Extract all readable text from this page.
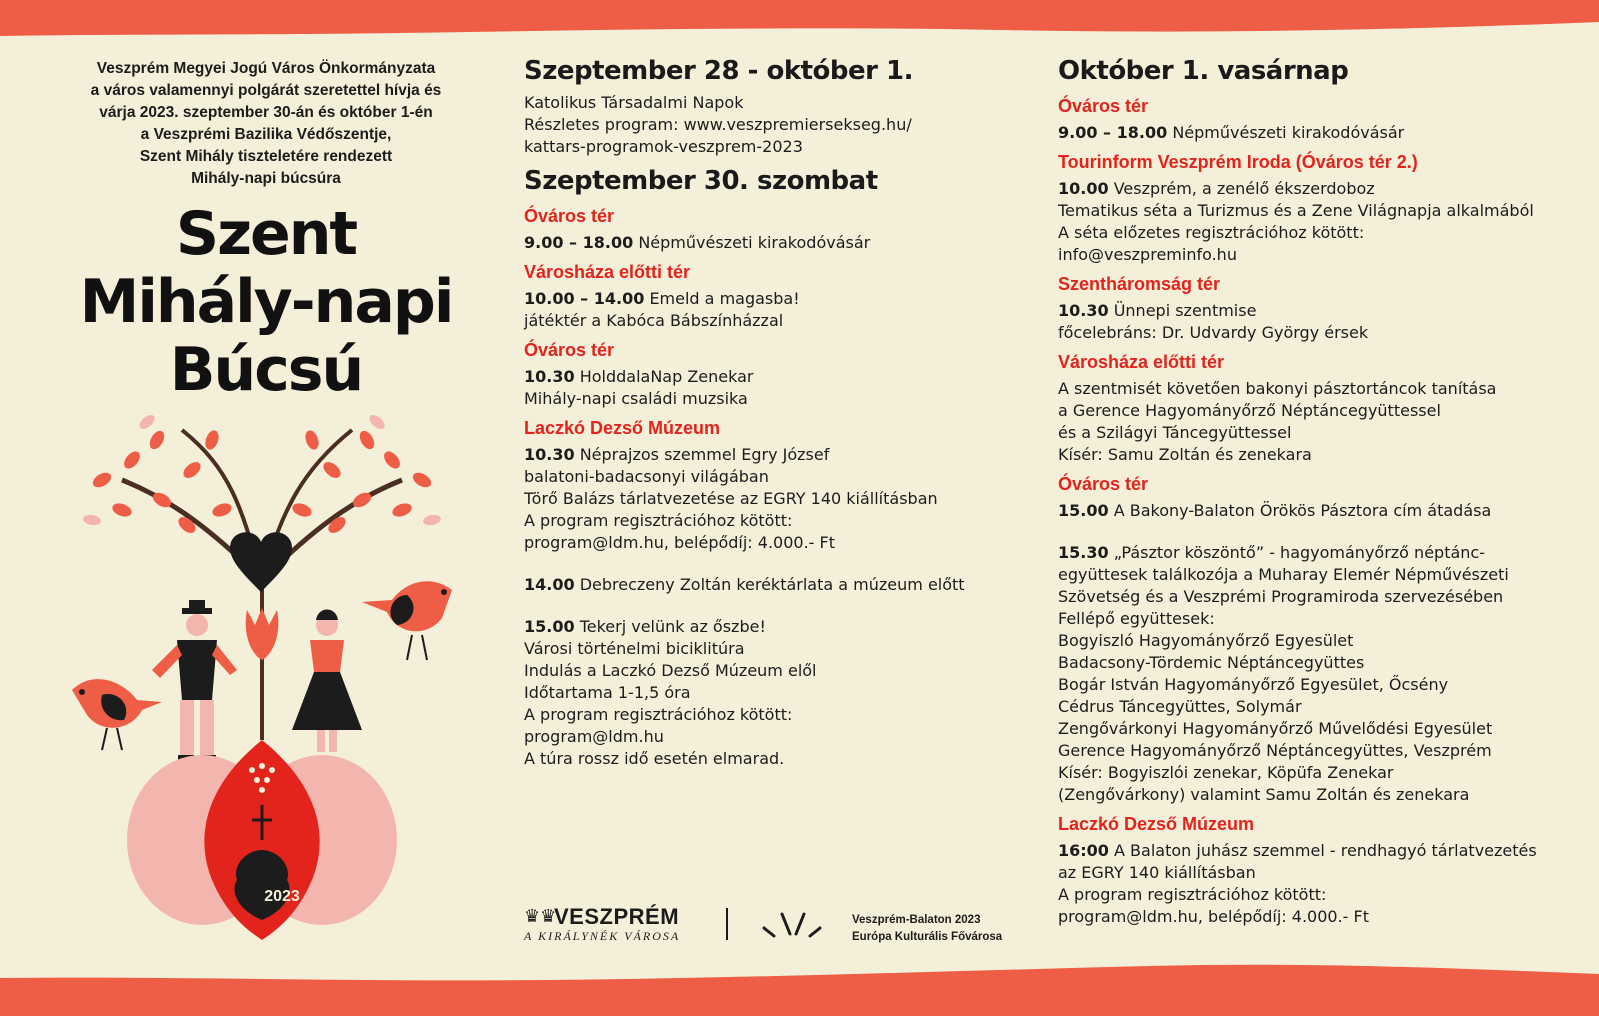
Veszprém Megyei Jogú Város Önkormányzata
a város valamennyi polgárát szeretettel hívja és
várja 2023. szeptember 30-án és október 1-én
a Veszprémi Bazilika Védőszentje,
Szent Mihály tiszteletére rendezett
Mihály-napi búcsúra
Szent
Mihály-napi
Búcsú
2023
Szeptember 28 - október 1.

Katolikus Társadalmi Napok

Részletes program: www.veszpremiersekseg.hu/

kattars-programok-veszprem-2023

Szeptember 30. szombat
Óváros tér

9.00 – 18.00 Népművészeti kirakodóvásár

Városháza előtti tér

10.00 – 14.00 Emeld a magasba!

játéktér a Kabóca Bábszínházzal

Óváros tér

10.30 HolddalaNap Zenekar

Mihály-napi családi muzsika

Laczkó Dezső Múzeum

10.30 Néprajzos szemmel Egry József

balatoni-badacsonyi világában

Törő Balázs tárlatvezetése az EGRY 140 kiállításban

A program regisztrációhoz kötött:

program@ldm.hu, belépődíj: 4.000.- Ft

14.00 Debreczeny Zoltán keréktárlata a múzeum előtt

15.00 Tekerj velünk az őszbe!

Városi történelmi biciklitúra

Indulás a Laczkó Dezső Múzeum elől

Időtartama 1-1,5 óra

A program regisztrációhoz kötött:

program@ldm.hu

A túra rossz idő esetén elmarad.

♛♛
VESZPRÉM
A KIRÁLYNÉK VÁROSA
Veszprém-Balaton 2023
Európa Kulturális Fővárosa
Október 1. vasárnap
Óváros tér

9.00 – 18.00 Népművészeti kirakodóvásár

Tourinform Veszprém Iroda (Óváros tér 2.)

10.00 Veszprém, a zenélő ékszerdoboz

Tematikus séta a Turizmus és a Zene Világnapja alkalmából

A séta előzetes regisztrációhoz kötött:

info@veszpreminfo.hu

Szentháromság tér

10.30 Ünnepi szentmise

főcelebráns: Dr. Udvardy György érsek

Városháza előtti tér

A szentmisét követően bakonyi pásztortáncok tanítása

a Gerence Hagyományőrző Néptáncegyüttessel

és a Szilágyi Táncegyüttessel

Kísér: Samu Zoltán és zenekara

Óváros tér

15.00 A Bakony-Balaton Örökös Pásztora cím átadása

15.30 „Pásztor köszöntő” - hagyományőrző néptánc-

együttesek találkozója a Muharay Elemér Népművészeti

Szövetség és a Veszprémi Programiroda szervezésében

Fellépő együttesek:

Bogyiszló Hagyományőrző Egyesület

Badacsony-Tördemic Néptáncegyüttes

Bogár István Hagyományőrző Egyesület, Őcsény

Cédrus Táncegyüttes, Solymár

Zengővárkonyi Hagyományőrző Művelődési Egyesület

Gerence Hagyományőrző Néptáncegyüttes, Veszprém

Kísér: Bogyiszlói zenekar, Köpüfa Zenekar

(Zengővárkony) valamint Samu Zoltán és zenekara

Laczkó Dezső Múzeum

16:00 A Balaton juhász szemmel - rendhagyó tárlatvezetés

az EGRY 140 kiállításban

A program regisztrációhoz kötött:

program@ldm.hu, belépődíj: 4.000.- Ft
